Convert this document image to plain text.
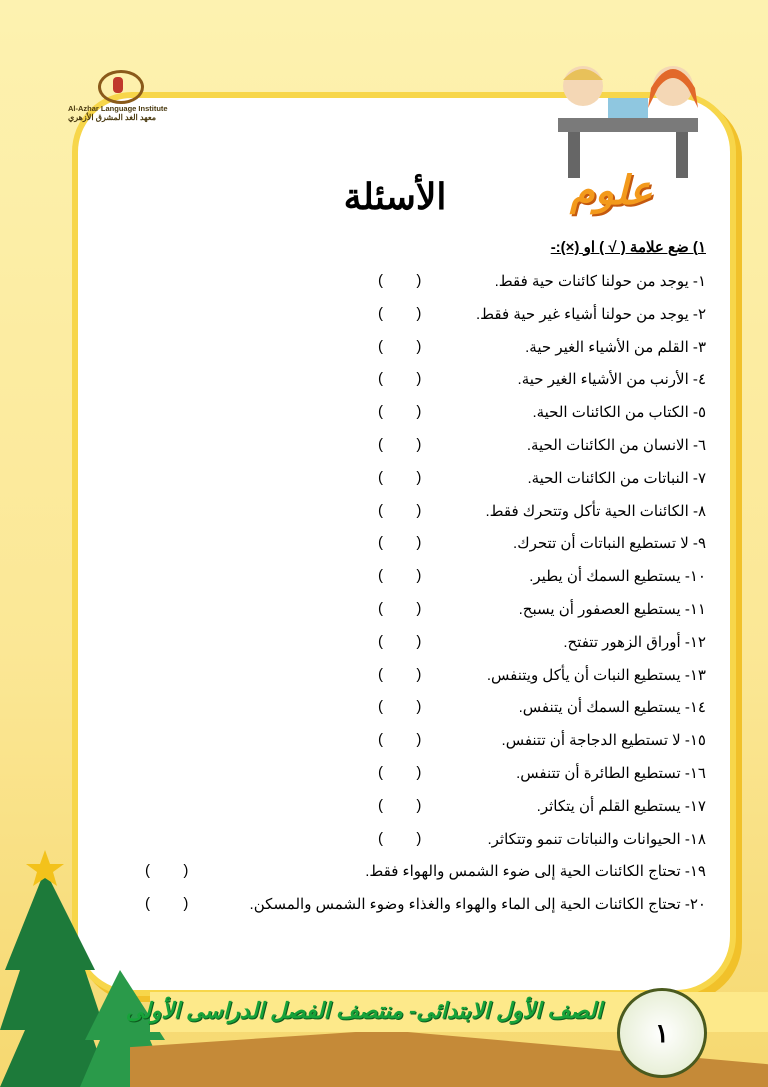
Al-Azhar Language Institute
معهد الغد المشرق الأزهري
علوم
الأسئلة
١) ضع علامة ( √ ) او (×):-
١- يوجد من حولنا كائنات حية فقط.
(        )
٢- يوجد من حولنا أشياء غير حية فقط.
(        )
٣- القلم من الأشياء الغير حية.
(        )
٤- الأرنب من الأشياء الغير حية.
(        )
٥- الكتاب من الكائنات الحية.
(        )
٦- الانسان من الكائنات الحية.
(        )
٧- النباتات من الكائنات الحية.
(        )
٨- الكائنات الحية تأكل وتتحرك فقط.
(        )
٩- لا تستطيع النباتات أن تتحرك.
(        )
١٠- يستطيع السمك أن يطير.
(        )
١١- يستطيع العصفور أن يسبح.
(        )
١٢- أوراق الزهور تتفتح.
(        )
١٣- يستطيع النبات أن يأكل ويتنفس.
(        )
١٤- يستطيع السمك أن يتنفس.
(        )
١٥- لا تستطيع الدجاجة أن تتنفس.
(        )
١٦- تستطيع الطائرة أن تتنفس.
(        )
١٧- يستطيع القلم أن يتكاثر.
(        )
١٨- الحيوانات والنباتات تنمو وتتكاثر.
(        )
١٩- تحتاج الكائنات الحية إلى ضوء الشمس والهواء فقط.
(        )
٢٠- تحتاج الكائنات الحية إلى الماء والهواء والغذاء وضوء الشمس والمسكن.
(        )
١
الصف الأول الابتدائى- منتصف الفصل الدراسى الأولى
